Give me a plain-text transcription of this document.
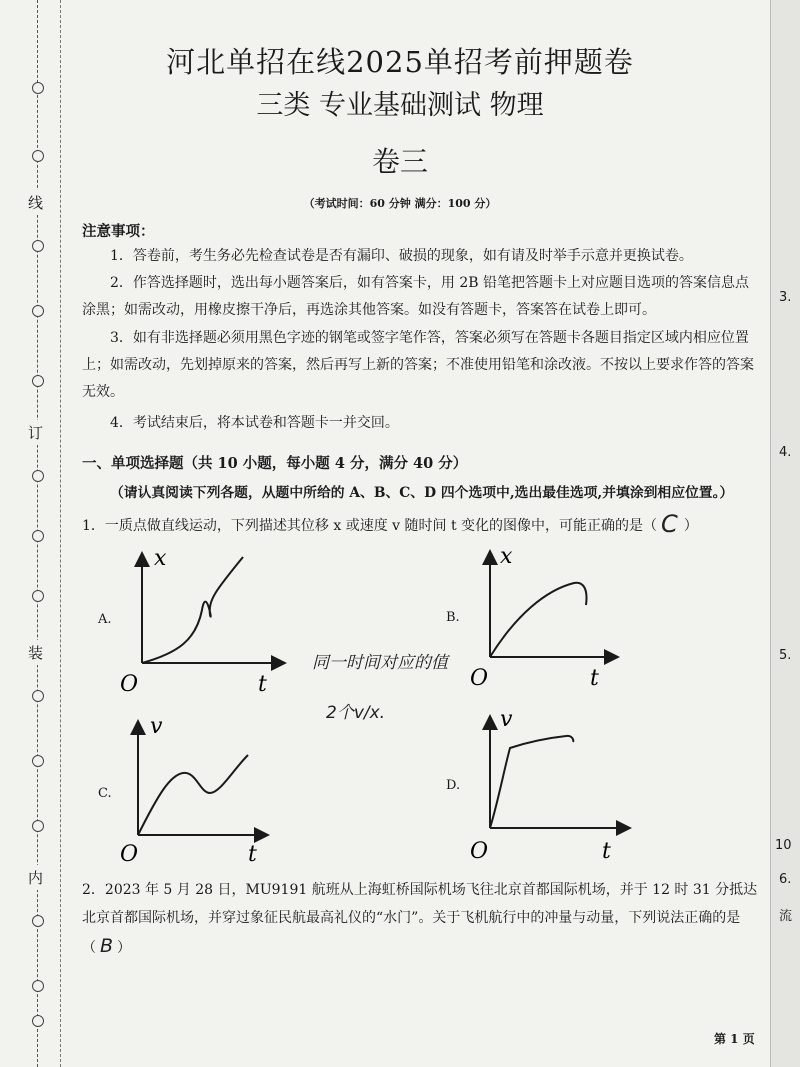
线
订
装
内
河北单招在线2025单招考前押题卷
三类 专业基础测试 物理
卷三
（考试时间：60 分钟 满分：100 分）
注意事项：
1．答卷前，考生务必先检查试卷是否有漏印、破损的现象，如有请及时举手示意并更换试卷。
2．作答选择题时，选出每小题答案后，如有答案卡，用 2B 铅笔把答题卡上对应题目选项的答案信息点涂黑；如需改动，用橡皮擦干净后，再选涂其他答案。如没有答题卡，答案答在试卷上即可。
3．如有非选择题必须用黑色字迹的钢笔或签字笔作答，答案必须写在答题卡各题目指定区域内相应位置上；如需改动，先划掉原来的答案，然后再写上新的答案；不准使用铅笔和涂改液。不按以上要求作答的答案无效。
4．考试结束后，将本试卷和答题卡一并交回。
一、单项选择题（共 10 小题，每小题 4 分，满分 40 分）
（请认真阅读下列各题，从题中所给的 A、B、C、D 四个选项中,选出最佳选项,并填涂到相应位置。）
1．一质点做直线运动，下列描述其位移 x 或速度 v 随时间 t 变化的图像中，可能正确的是（ C ）
A.
x
t
O
B.
x
t
O
同一时间对应的值
2个v/x.
C.
v
t
O
D.
v
t
O
2．2023 年 5 月 28 日，MU9191 航班从上海虹桥国际机场飞往北京首都国际机场，并于 12 时 31 分抵达北京首都国际机场，并穿过象征民航最高礼仪的“水门”。关于飞机航行中的冲量与动量，下列说法正确的是（ B ）
第 1 页
3.
4.
5.
10
6.
流
